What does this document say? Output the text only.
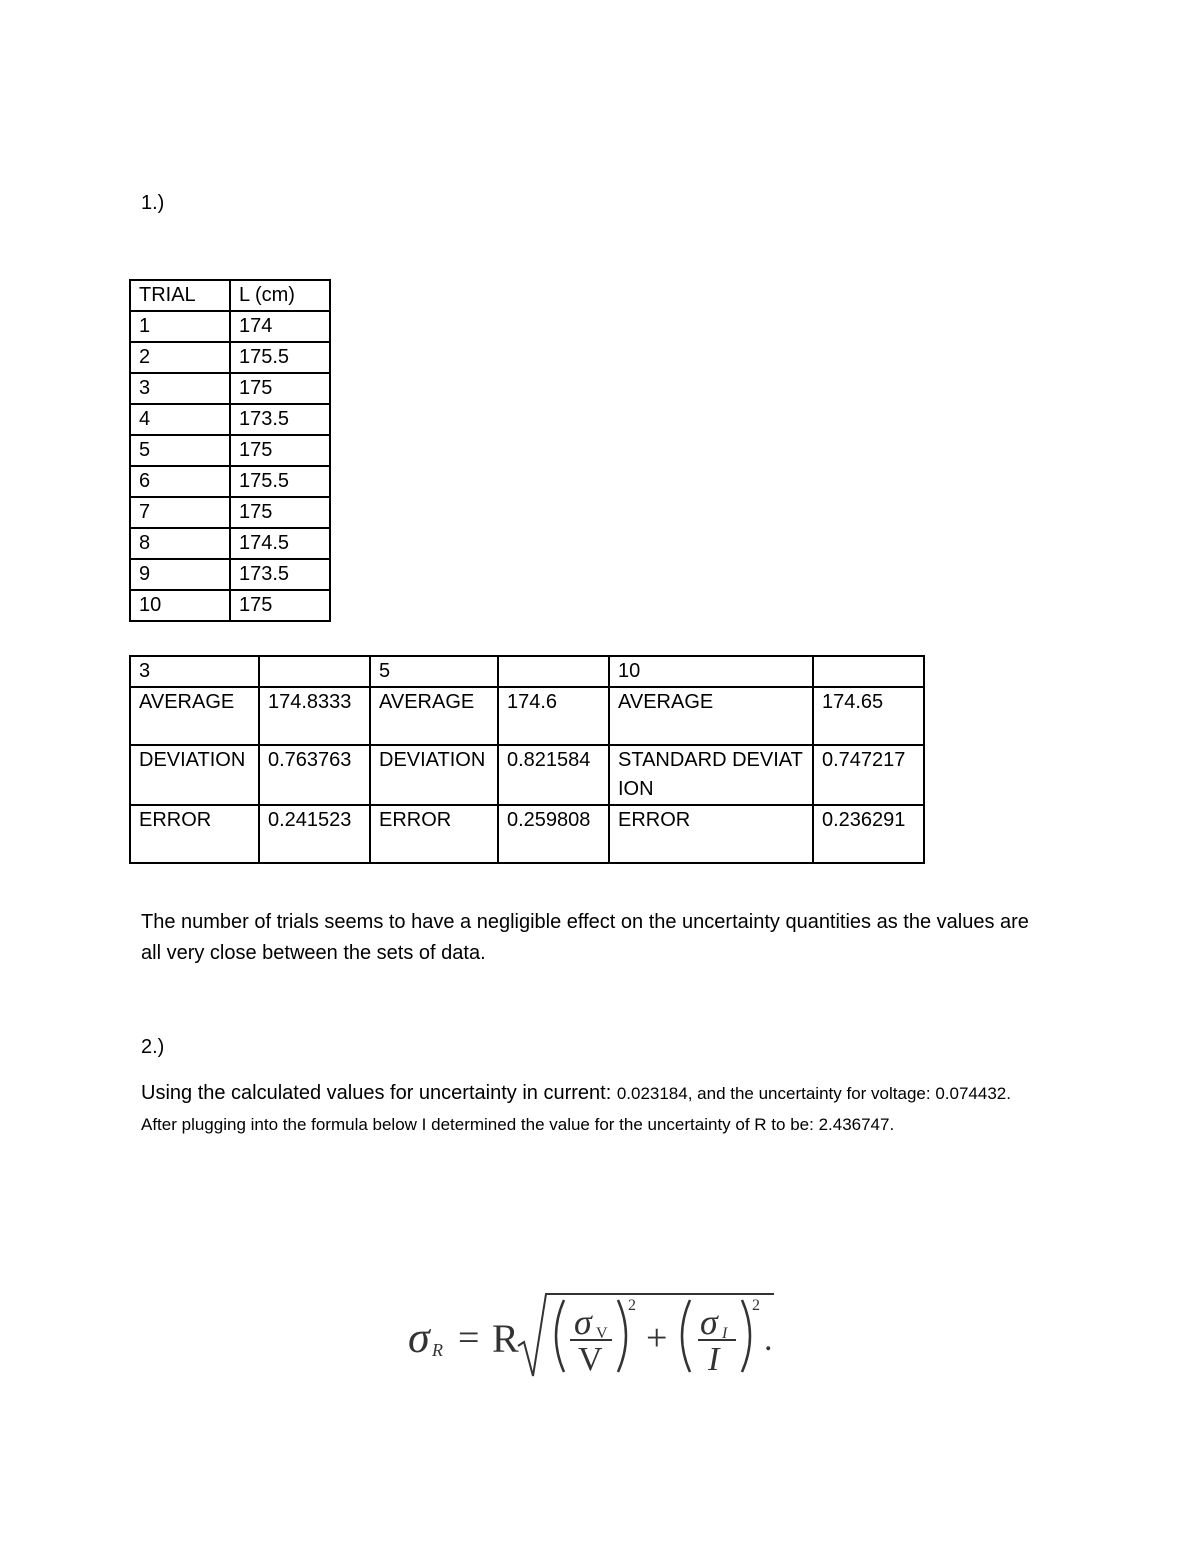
1.)
TRIAL	L (cm)
1	174
2	175.5
3	175
4	173.5
5	175
6	175.5
7	175
8	174.5
9	173.5
10	175
3		5		10	
AVERAGE	174.8333	AVERAGE	174.6	AVERAGE	174.65
DEVIATION	0.763763	DEVIATION	0.821584	STANDARD DEVIATION	0.747217
ERROR	0.241523	ERROR	0.259808	ERROR	0.236291
The number of trials seems to have a negligible effect on the uncertainty quantities as the values are all very close between the sets of data.
2.)
Using the calculated values for uncertainty in current: 0.023184, and the uncertainty for voltage: 0.074432. After plugging into the formula below I determined the value for the uncertainty of R to be: 2.436747.
σ R = R σ V
V
2
+ σ I
I
2
.
